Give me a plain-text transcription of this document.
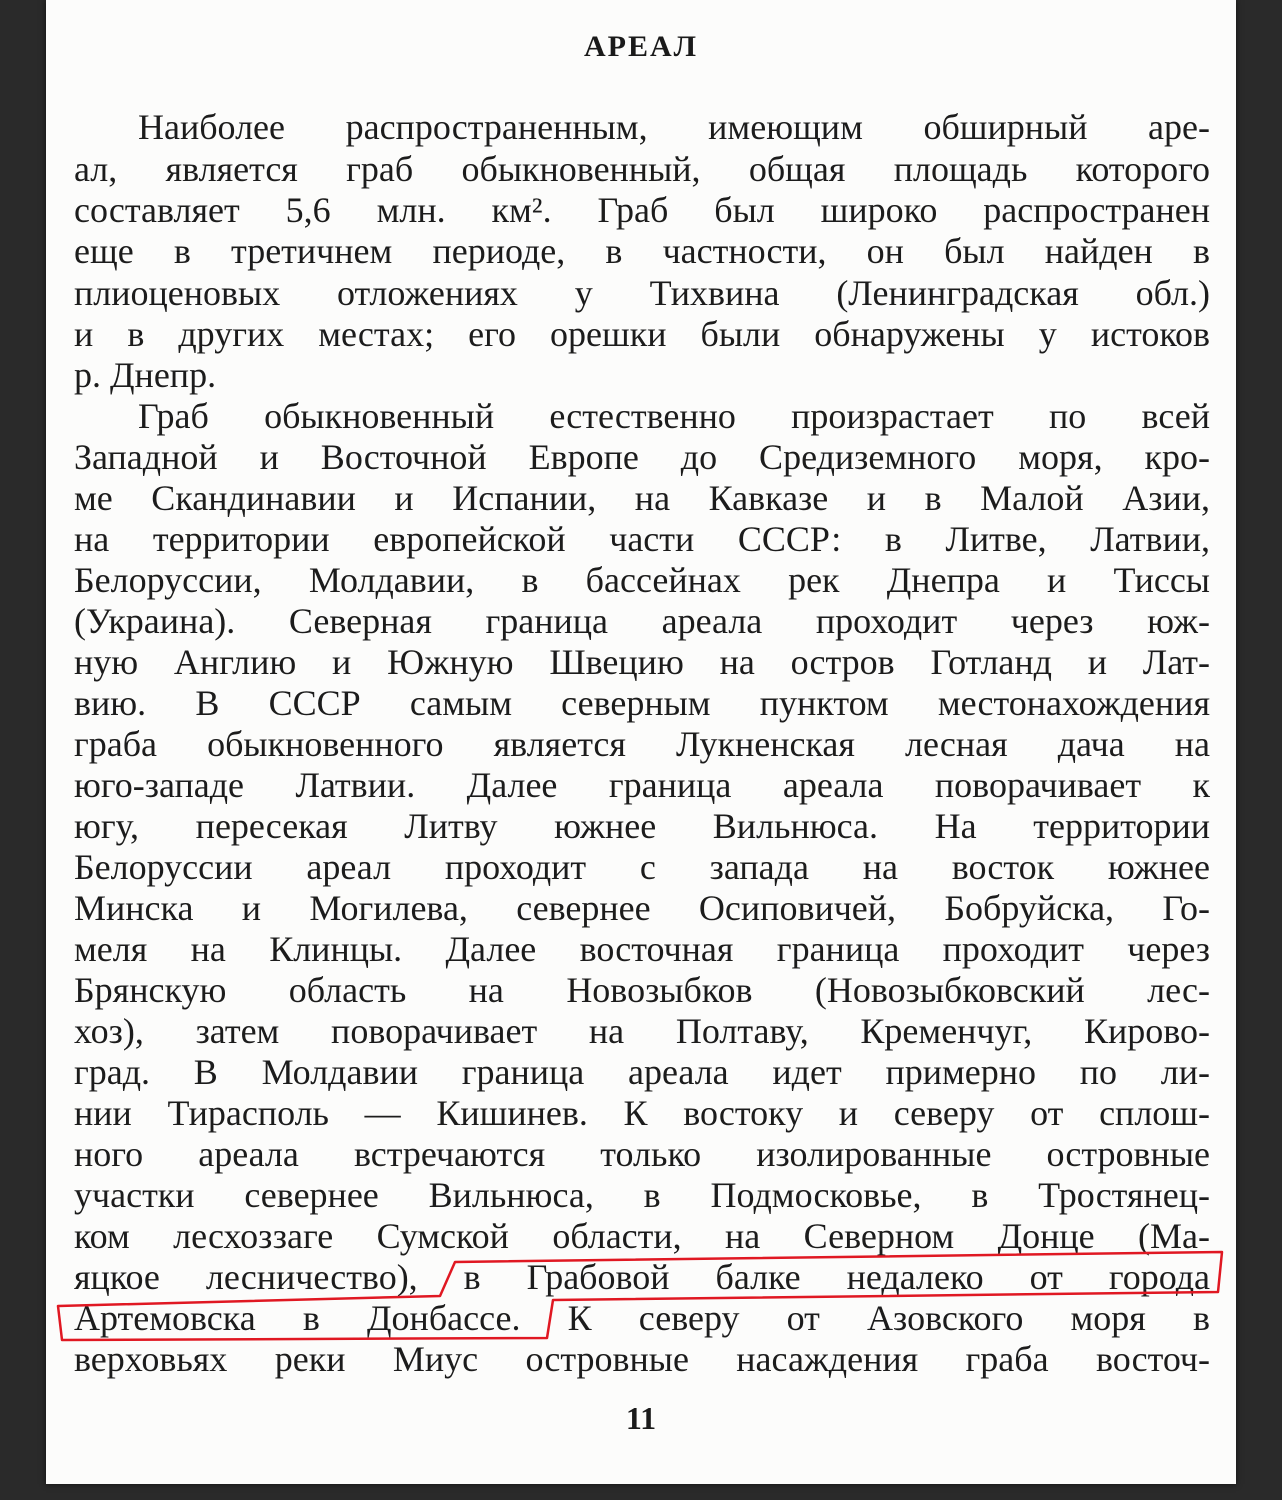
АРЕАЛ
Наиболее распространенным, имеющим обширный аре-
ал, является граб обыкновенный, общая площадь которого
составляет 5,6 млн. км². Граб был широко распространен
еще в третичнем периоде, в частности, он был найден в
плиоценовых отложениях у Тихвина (Ленинградская обл.)
и в других местах; его орешки были обнаружены у истоков
р. Днепр.
Граб обыкновенный естественно произрастает по всей
Западной и Восточной Европе до Средиземного моря, кро-
ме Скандинавии и Испании, на Кавказе и в Малой Азии,
на территории европейской части СССР: в Литве, Латвии,
Белоруссии, Молдавии, в бассейнах рек Днепра и Тиссы
(Украина). Северная граница ареала проходит через юж-
ную Англию и Южную Швецию на остров Готланд и Лат-
вию. В СССР самым северным пунктом местонахождения
граба обыкновенного является Лукненская лесная дача на
юго-западе Латвии. Далее граница ареала поворачивает к
югу, пересекая Литву южнее Вильнюса. На территории
Белоруссии ареал проходит с запада на восток южнее
Минска и Могилева, севернее Осиповичей, Бобруйска, Го-
меля на Клинцы. Далее восточная граница проходит через
Брянскую область на Новозыбков (Новозыбковский лес-
хоз), затем поворачивает на Полтаву, Кременчуг, Кирово-
град. В Молдавии граница ареала идет примерно по ли-
нии Тирасполь — Кишинев. К востоку и северу от сплош-
ного ареала встречаются только изолированные островные
участки севернее Вильнюса, в Подмосковье, в Тростянец-
ком лесхоззаге Сумской области, на Северном Донце (Ма-
яцкое лесничество), в Грабовой балке недалеко от города
Артемовска в Донбассе. К северу от Азовского моря в
верховьях реки Миус островные насаждения граба восточ-
11
